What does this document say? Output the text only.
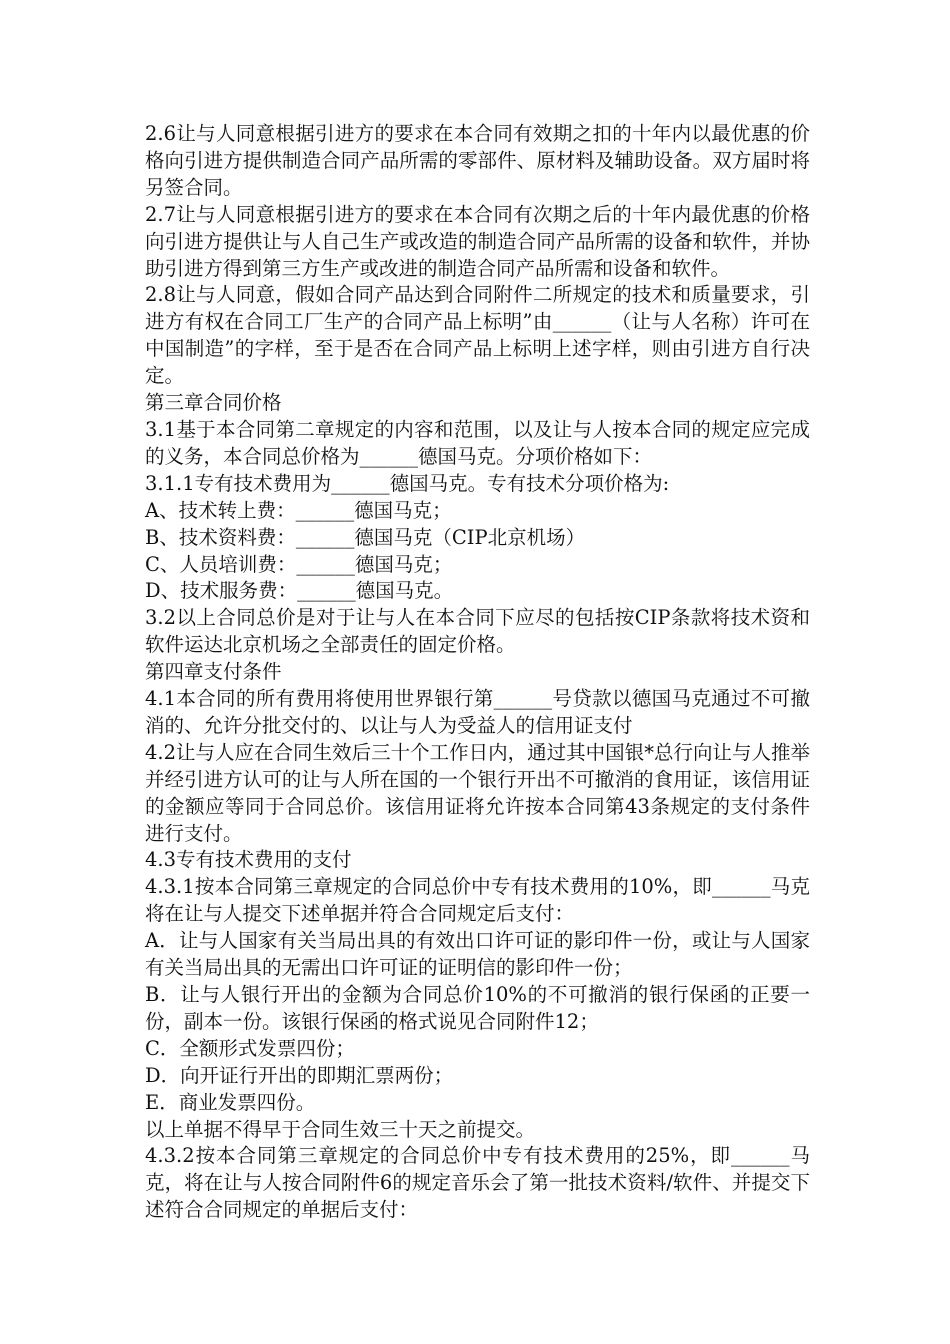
2.6让与人同意根据引进方的要求在本合同有效期之扣的十年内以最优惠的价格向引进方提供制造合同产品所需的零部件、原材料及辅助设备。双方届时将另签合同。

2.7让与人同意根据引进方的要求在本合同有次期之后的十年内最优惠的价格向引进方提供让与人自己生产或改造的制造合同产品所需的设备和软件，并协助引进方得到第三方生产或改进的制造合同产品所需和设备和软件。

2.8让与人同意，假如合同产品达到合同附件二所规定的技术和质量要求，引进方有权在合同工厂生产的合同产品上标明”由______（让与人名称）许可在中国制造”的字样，至于是否在合同产品上标明上述字样，则由引进方自行决定。

第三章合同价格

3.1基于本合同第二章规定的内容和范围，以及让与人按本合同的规定应完成的义务，本合同总价格为______德国马克。分项价格如下：

3.1.1专有技术费用为______德国马克。专有技术分项价格为:

A、技术转上费：______德国马克；

B、技术资料费：______德国马克（CIP北京机场）

C、人员培训费：______德国马克；

D、技术服务费：______德国马克。

3.2以上合同总价是对于让与人在本合同下应尽的包括按CIP条款将技术资和软件运达北京机场之全部责任的固定价格。

第四章支付条件

4.1本合同的所有费用将使用世界银行第______号贷款以德国马克通过不可撤消的、允许分批交付的、以让与人为受益人的信用证支付

4.2让与人应在合同生效后三十个工作日内，通过其中国银*总行向让与人推举并经引进方认可的让与人所在国的一个银行开出不可撤消的食用证，该信用证的金额应等同于合同总价。该信用证将允许按本合同第43条规定的支付条件进行支付。

4.3专有技术费用的支付

4.3.1按本合同第三章规定的合同总价中专有技术费用的10%，即______马克将在让与人提交下述单据并符合合同规定后支付：

A．让与人国家有关当局出具的有效出口许可证的影印件一份，或让与人国家有关当局出具的无需出口许可证的证明信的影印件一份；

B．让与人银行开出的金额为合同总价10%的不可撤消的银行保函的正要一份，副本一份。该银行保函的格式说见合同附件12；

C．全额形式发票四份；

D．向开证行开出的即期汇票两份；

E．商业发票四份。

以上单据不得早于合同生效三十天之前提交。

4.3.2按本合同第三章规定的合同总价中专有技术费用的25%，即______马克，将在让与人按合同附件6的规定音乐会了第一批技术资料/软件、并提交下述符合合同规定的单据后支付：
